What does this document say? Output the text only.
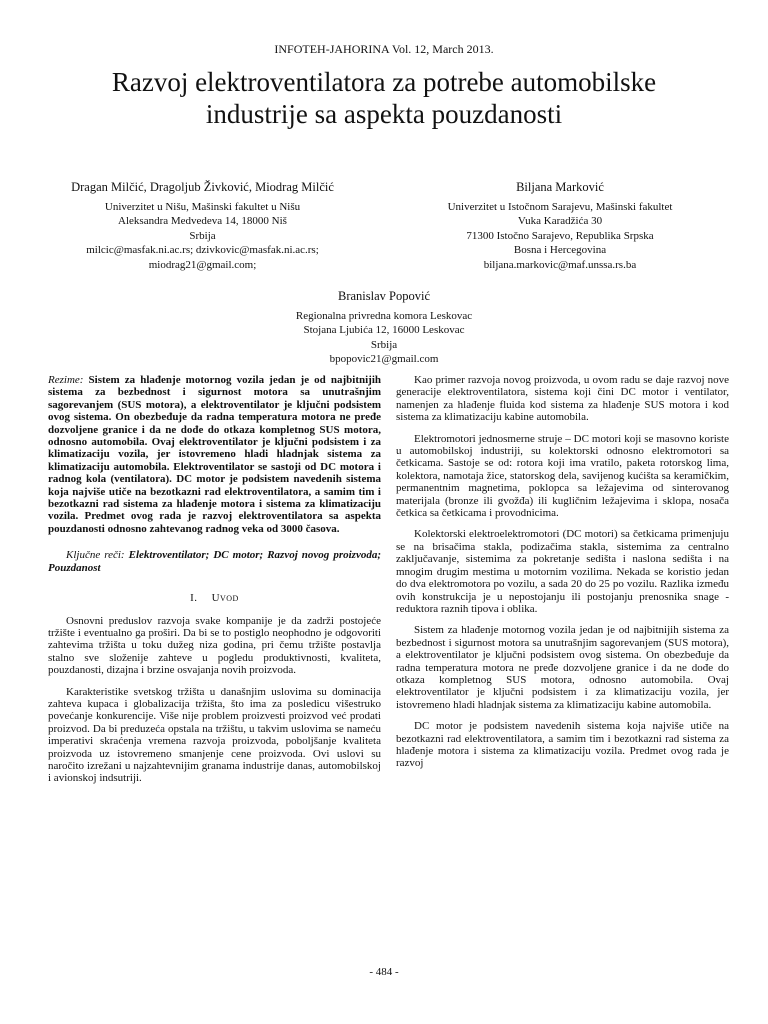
INFOTEH-JAHORINA Vol. 12, March 2013.
Razvoj elektroventilatora za potrebe automobilske
industrije sa aspekta pouzdanosti
Dragan Milčić, Dragoljub Živković, Miodrag Milčić
Univerzitet u Nišu, Mašinski fakultet u Nišu
Aleksandra Medvedeva 14, 18000 Niš
Srbija
milcic@masfak.ni.ac.rs; dzivkovic@masfak.ni.ac.rs;
miodrag21@gmail.com;
Biljana Marković
Univerzitet u Istočnom Sarajevu, Mašinski fakultet
Vuka Karadžića 30
71300 Istočno Sarajevo, Republika Srpska
Bosna i Hercegovina
biljana.markovic@maf.unssa.rs.ba
Branislav Popović
Regionalna privredna komora Leskovac
Stojana Ljubića 12, 16000 Leskovac
Srbija
bpopovic21@gmail.com

Rezime: Sistem za hlađenje motornog vozila jedan je od najbitnijih sistema za bezbednost i sigurnost motora sa unutrašnjim sagorevanjem (SUS motora), a elektroventilator je ključni podsistem ovog sistema. On obezbeđuje da radna temperatura motora ne pređe dozvoljene granice i da ne dođe do otkaza kompletnog SUS motora, odnosno automobila. Ovaj elektroventilator je ključni podsistem i za klimatizaciju vozila, jer istovremeno hladi hladnjak sistema za klimatizaciju automobila. Elektroventilator se sastoji od DC motora i radnog kola (ventilatora). DC motor je podsistem navedenih sistema koja najviše utiče na bezotkazni rad elektroventilatora, a samim tim i bezotkazni rad sistema za hlađenje motora i sistema za klimatizaciju vozila. Predmet ovog rada je razvoj elektroventilatora sa aspekta pouzdanosti odnosno zahtevanog radnog veka od 3000 časova.

Ključne reči: Elektroventilator; DC motor; Razvoj novog proizvoda; Pouzdanost

I. Uvod

Osnovni preduslov razvoja svake kompanije je da zadrži postojeće tržište i eventualno ga proširi. Da bi se to postiglo neophodno je odgovoriti zahtevima tržišta u toku dužeg niza godina, pri čemu tržište postavlja stalno sve složenije zahteve u pogledu produktivnosti, kvaliteta, pouzdanosti, dizajna i brzine osvajanja novih proizvoda.

Karakteristike svetskog tržišta u današnjim uslovima su dominacija zahteva kupaca i globalizacija tržišta, što ima za posledicu višestruko povećanje konkurencije. Više nije problem proizvesti proizvod već prodati proizvod. Da bi preduzeća opstala na tržištu, u takvim uslovima se nameću imperativi skraćenja vremena razvoja proizvoda, poboljšanje kvaliteta proizvoda uz istovremeno smanjenje cene proizvoda. Ovi uslovi su naročito izrežani u najzahtevnijim granama industrije danas, automobilskoj i avionskoj indsutriji.

Kao primer razvoja novog proizvoda, u ovom radu se daje razvoj nove generacije elektroventilatora, sistema koji čini DC motor i ventilator, namenjen za hlađenje fluida kod sistema za hlađenje SUS motora i kod sistema za klimatizaciju kabine automobila.

Elektromotori jednosmerne struje – DC motori koji se masovno koriste u automobilskoj industriji, su kolektorski odnosno elektromotori sa četkicama. Sastoje se od: rotora koji ima vratilo, paketa rotorskog lima, kolektora, namotaja žice, statorskog dela, savijenog kućišta sa keramičkim, permanentnim magnetima, poklopca sa ležajevima od sinterovanog materijala (bronze ili gvožđa) ili kugličnim ležajevima i sklopa, nosača četkica sa četkicama i provodnicima.

Kolektorski elektroelektromotori (DC motori) sa četkicama primenjuju se na brisačima stakla, podizačima stakla, sistemima za centralno zaključavanje, sistemima za pokretanje sedišta i naslona sedišta i na mnogim drugim mestima u motornim vozilima. Nekada se koristio jedan do dva elektromotora po vozilu, a sada 20 do 25 po vozilu. Razlika između ovih konstrukcija je u nepostojanju ili postojanju prenosnika snage - reduktora raznih tipova i oblika.

Sistem za hlađenje motornog vozila jedan je od najbitnijih sistema za bezbednost i sigurnost motora sa unutrašnjim sagorevanjem (SUS motora), a elektroventilator je ključni podsistem ovog sistema. On obezbeđuje da radna temperatura motora ne pređe dozvoljene granice i da ne dođe do otkaza kompletnog SUS motora, odnosno automobila. Ovaj elektroventilator je ključni podsistem i za klimatizaciju vozila, jer istovremeno hladi hladnjak sistema za klimatizaciju kabine automobila.

DC motor je podsistem navedenih sistema koja najviše utiče na bezotkazni rad elektroventilatora, a samim tim i bezotkazni rad sistema za hlađenje motora i sistema za klimatizaciju vozila. Predmet ovog rada je razvoj

- 484 -
